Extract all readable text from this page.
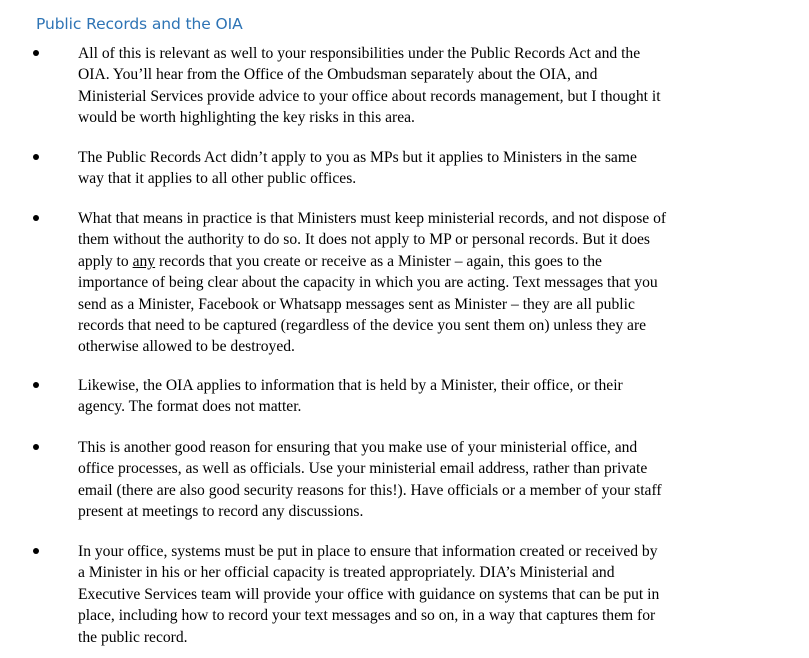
Public Records and the OIA
All of this is relevant as well to your responsibilities under the Public Records Act and the
OIA. You’ll hear from the Office of the Ombudsman separately about the OIA, and
Ministerial Services provide advice to your office about records management, but I thought it
would be worth highlighting the key risks in this area.
The Public Records Act didn’t apply to you as MPs but it applies to Ministers in the same
way that it applies to all other public offices.
What that means in practice is that Ministers must keep ministerial records, and not dispose of
them without the authority to do so. It does not apply to MP or personal records. But it does
apply to any records that you create or receive as a Minister – again, this goes to the
importance of being clear about the capacity in which you are acting. Text messages that you
send as a Minister, Facebook or Whatsapp messages sent as Minister – they are all public
records that need to be captured (regardless of the device you sent them on) unless they are
otherwise allowed to be destroyed.
Likewise, the OIA applies to information that is held by a Minister, their office, or their
agency. The format does not matter.
This is another good reason for ensuring that you make use of your ministerial office, and
office processes, as well as officials. Use your ministerial email address, rather than private
email (there are also good security reasons for this!). Have officials or a member of your staff
present at meetings to record any discussions.
In your office, systems must be put in place to ensure that information created or received by
a Minister in his or her official capacity is treated appropriately. DIA’s Ministerial and
Executive Services team will provide your office with guidance on systems that can be put in
place, including how to record your text messages and so on, in a way that captures them for
the public record.
